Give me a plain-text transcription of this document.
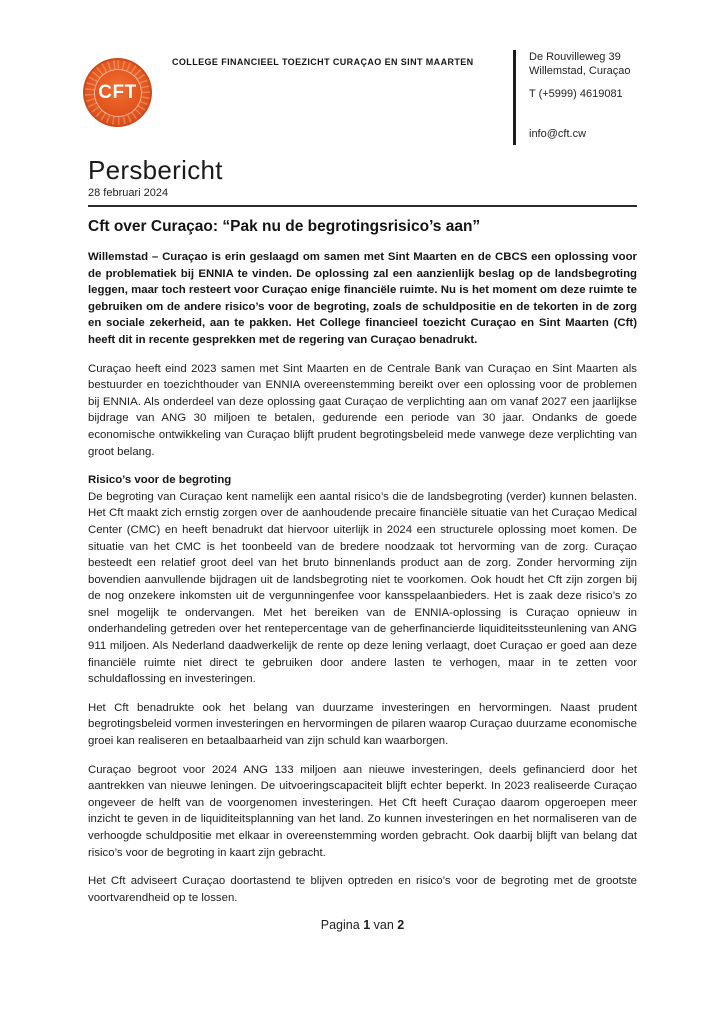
CFT
COLLEGE FINANCIEEL TOEZICHT CURAÇAO EN SINT MAARTEN	De Rouvilleweg 39
Willemstad, Curaçao
T (+5999) 4619081
info@cft.cw
Persbericht
28 februari 2024
Cft over Curaçao: “Pak nu de begrotingsrisico’s aan”

Willemstad – Curaçao is erin geslaagd om samen met Sint Maarten en de CBCS een oplossing voor de problematiek bij ENNIA te vinden. De oplossing zal een aanzienlijk beslag op de landsbegroting leggen, maar toch resteert voor Curaçao enige financiële ruimte. Nu is het moment om deze ruimte te gebruiken om de andere risico’s voor de begroting, zoals de schuldpositie en de tekorten in de zorg en sociale zekerheid, aan te pakken. Het College financieel toezicht Curaçao en Sint Maarten (Cft) heeft dit in recente gesprekken met de regering van Curaçao benadrukt.

Curaçao heeft eind 2023 samen met Sint Maarten en de Centrale Bank van Curaçao en Sint Maarten als bestuurder en toezichthouder van ENNIA overeenstemming bereikt over een oplossing voor de problemen bij ENNIA. Als onderdeel van deze oplossing gaat Curaçao de verplichting aan om vanaf 2027 een jaarlijkse bijdrage van ANG 30 miljoen te betalen, gedurende een periode van 30 jaar. Ondanks de goede economische ontwikkeling van Curaçao blijft prudent begrotingsbeleid mede vanwege deze verplichting van groot belang.

Risico’s voor de begroting

De begroting van Curaçao kent namelijk een aantal risico’s die de landsbegroting (verder) kunnen belasten. Het Cft maakt zich ernstig zorgen over de aanhoudende precaire financiële situatie van het Curaçao Medical Center (CMC) en heeft benadrukt dat hiervoor uiterlijk in 2024 een structurele oplossing moet komen. De situatie van het CMC is het toonbeeld van de bredere noodzaak tot hervorming van de zorg. Curaçao besteedt een relatief groot deel van het bruto binnenlands product aan de zorg. Zonder hervorming zijn bovendien aanvullende bijdragen uit de landsbegroting niet te voorkomen. Ook houdt het Cft zijn zorgen bij de nog onzekere inkomsten uit de vergunningenfee voor kansspelaanbieders. Het is zaak deze risico’s zo snel mogelijk te ondervangen. Met het bereiken van de ENNIA-oplossing is Curaçao opnieuw in onderhandeling getreden over het rentepercentage van de geherfinancierde liquiditeitssteunlening van ANG 911 miljoen. Als Nederland daadwerkelijk de rente op deze lening verlaagt, doet Curaçao er goed aan deze financiële ruimte niet direct te gebruiken door andere lasten te verhogen, maar in te zetten voor schuldaflossing en investeringen.

Het Cft benadrukte ook het belang van duurzame investeringen en hervormingen. Naast prudent begrotingsbeleid vormen investeringen en hervormingen de pilaren waarop Curaçao duurzame economische groei kan realiseren en betaalbaarheid van zijn schuld kan waarborgen.

Curaçao begroot voor 2024 ANG 133 miljoen aan nieuwe investeringen, deels gefinancierd door het aantrekken van nieuwe leningen. De uitvoeringscapaciteit blijft echter beperkt. In 2023 realiseerde Curaçao ongeveer de helft van de voorgenomen investeringen. Het Cft heeft Curaçao daarom opgeroepen meer inzicht te geven in de liquiditeitsplanning van het land. Zo kunnen investeringen en het normaliseren van de verhoogde schuldpositie met elkaar in overeenstemming worden gebracht. Ook daarbij blijft van belang dat risico’s voor de begroting in kaart zijn gebracht.

Het Cft adviseert Curaçao doortastend te blijven optreden en risico’s voor de begroting met de grootste voortvarendheid op te lossen.

Pagina 1 van 2
